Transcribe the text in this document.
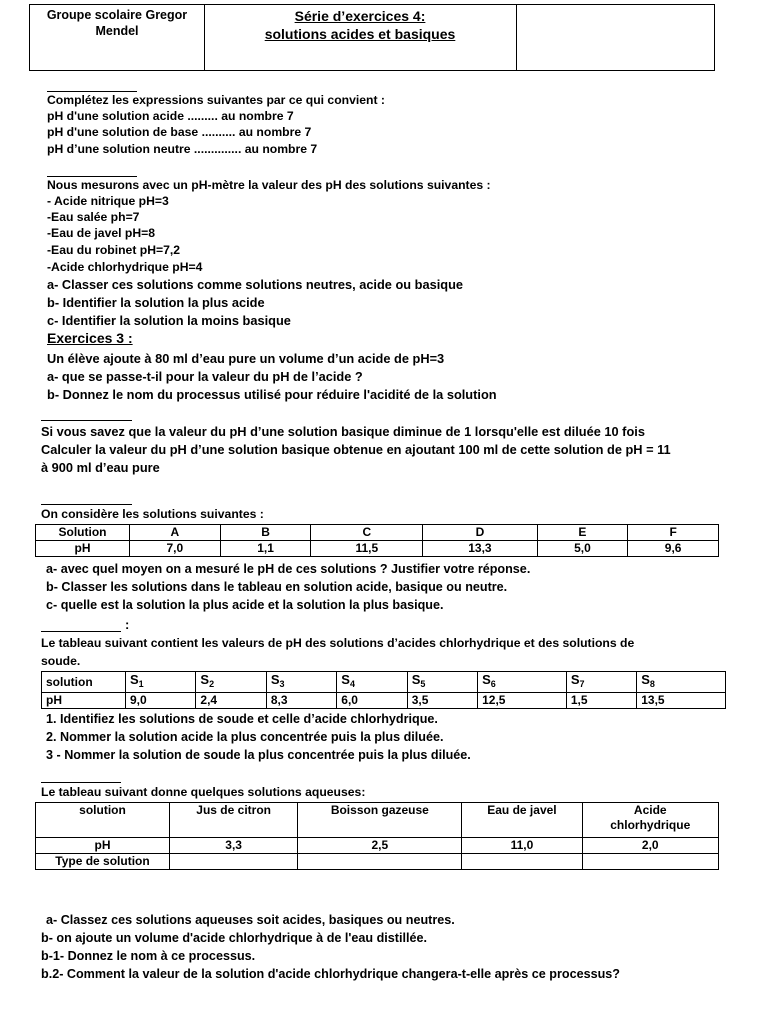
Groupe scolaire Gregor
Mendel
Série d’exercices 4:
solutions acides et basiques
Complétez les expressions suivantes par ce qui convient :
pH d'une solution acide ......... au nombre 7
pH d'une solution de base .......... au nombre 7
pH d’une solution neutre .............. au nombre 7
Nous mesurons avec un pH-mètre la valeur des pH des solutions suivantes :
- Acide nitrique pH=3
-Eau salée ph=7
-Eau de javel pH=8
-Eau du robinet pH=7,2
-Acide chlorhydrique pH=4
a- Classer ces solutions comme solutions neutres, acide ou basique
b- Identifier la solution la plus acide
c- Identifier la solution la moins basique
Exercices 3 :
Un élève ajoute à 80 ml d’eau pure un volume d’un acide de pH=3
a- que se passe-t-il pour la valeur du pH de l’acide ?
b- Donnez le nom du processus utilisé pour réduire l'acidité de la solution
Si vous savez que la valeur du pH d’une solution basique diminue de 1 lorsqu'elle est diluée 10 fois
Calculer la valeur du pH d’une solution basique obtenue en ajoutant 100 ml de cette solution de pH = 11
à 900 ml d’eau pure
On considère les solutions suivantes :
Solution	A	B	C	D	E	F
pH	7,0	1,1	11,5	13,3	5,0	9,6
a- avec quel moyen on a mesuré le pH de ces solutions ? Justifier votre réponse.
b- Classer les solutions dans le tableau en solution acide, basique ou neutre.
c- quelle est la solution la plus acide et la solution la plus basique.
:
Le tableau suivant contient les valeurs de pH des solutions d’acides chlorhydrique et des solutions de
soude.
solution	$S_1$	$S_2$	$S_3$	$S_4$	$S_5$	$S_6$	$S_7$	$S_8$
pH	9,0	2,4	8,3	6,0	3,5	12,5	1,5	13,5
1. Identifiez les solutions de soude et celle d’acide chlorhydrique.
2. Nommer la solution acide la plus concentrée puis la plus diluée.
3 - Nommer la solution de soude la plus concentrée puis la plus diluée.
Le tableau suivant donne quelques solutions aqueuses:
solution	Jus de citron	Boisson gazeuse	Eau de javel	Acide
chlorhydrique

pH	3,3	2,5	11,0	2,0
Type de solution				
a- Classez ces solutions aqueuses soit acides, basiques ou neutres.
b- on ajoute un volume d'acide chlorhydrique à de l'eau distillée.
b-1- Donnez le nom à ce processus.
b.2- Comment la valeur de la solution d'acide chlorhydrique changera-t-elle après ce processus?
